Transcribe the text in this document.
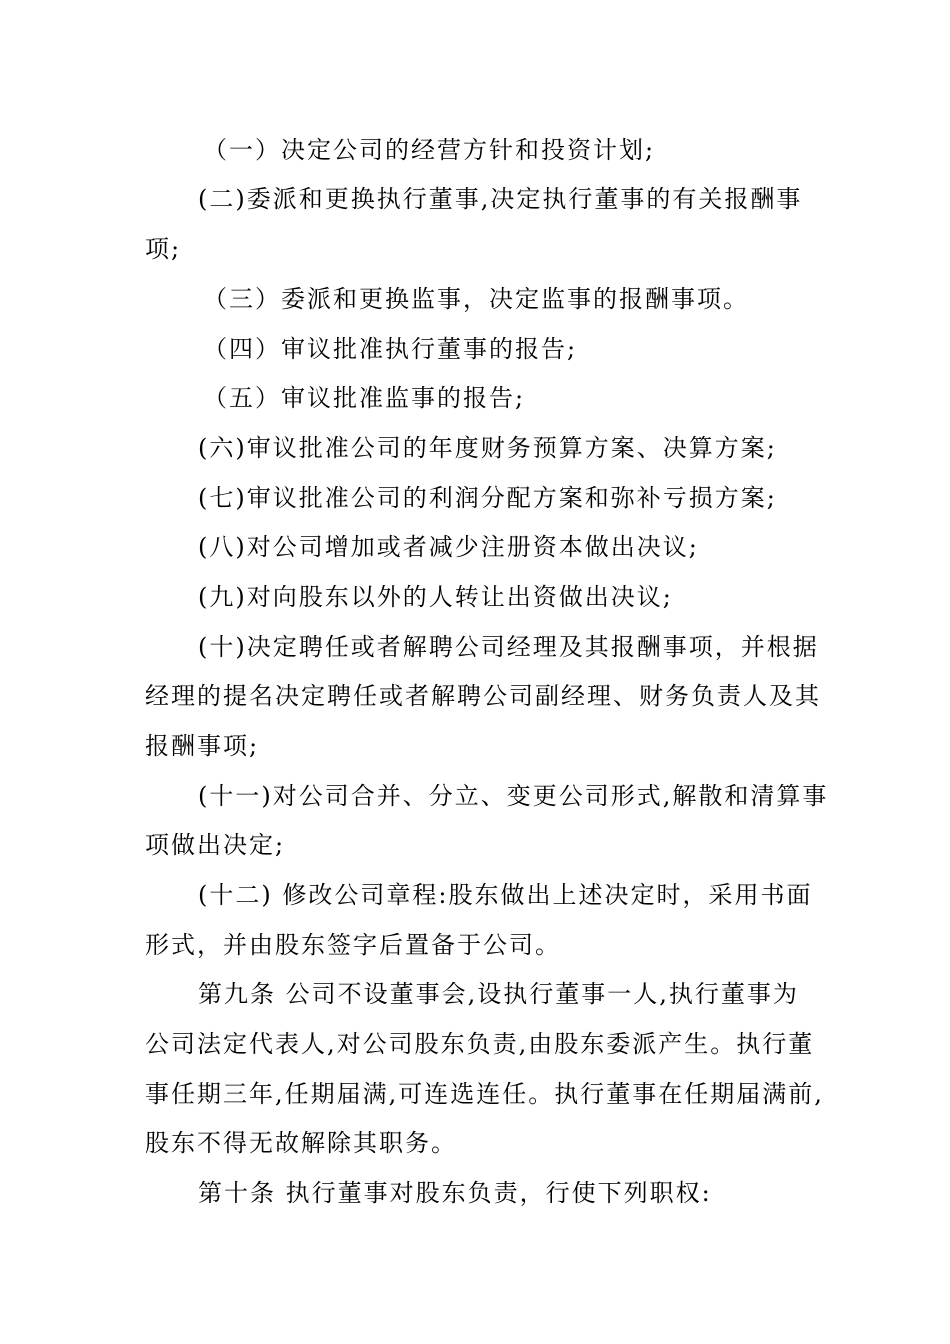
（一）决定公司的经营方针和投资计划;

(二)委派和更换执行董事,决定执行董事的有关报酬事

项;

（三）委派和更换监事，决定监事的报酬事项。

（四）审议批准执行董事的报告;

（五）审议批准监事的报告;

(六)审议批准公司的年度财务预算方案、决算方案;

(七)审议批准公司的利润分配方案和弥补亏损方案;

(八)对公司增加或者减少注册资本做出决议;

(九)对向股东以外的人转让出资做出决议;

(十)决定聘任或者解聘公司经理及其报酬事项，并根据

经理的提名决定聘任或者解聘公司副经理、财务负责人及其

报酬事项;

(十一)对公司合并、分立、变更公司形式,解散和清算事

项做出决定;

(十二) 修改公司章程:股东做出上述决定时，采用书面

形式，并由股东签字后置备于公司。

第九条 公司不设董事会,设执行董事一人,执行董事为

公司法定代表人,对公司股东负责,由股东委派产生。执行董

事任期三年,任期届满,可连选连任。执行董事在任期届满前,

股东不得无故解除其职务。

第十条 执行董事对股东负责，行使下列职权:
